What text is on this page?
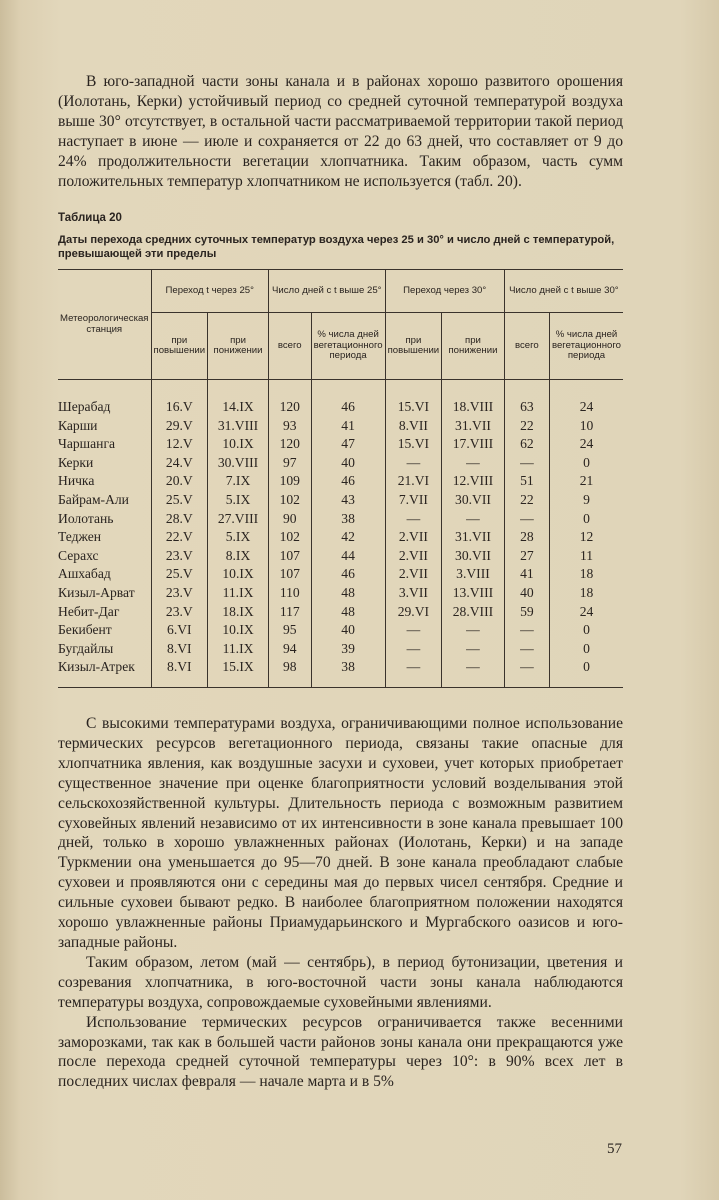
В юго-западной части зоны канала и в районах хорошо развитого орошения (Иолотань, Керки) устойчивый период со средней суточной температурой воздуха выше 30° отсутствует, в остальной части рассматриваемой территории такой период наступает в июне — июле и сохраняется от 22 до 63 дней, что составляет от 9 до 24% продолжительности вегетации хлопчатника. Таким образом, часть сумм положительных температур хлопчатником не используется (табл. 20).

Таблица 20
Даты перехода средних суточных температур воздуха через 25 и 30° и число дней с температурой, превышающей эти пределы
Метеорологическая станция	Переход t через 25°		Число дней с t выше 25°		Переход через 30°		Число дней с t выше 30°	
	при повышении	при понижении	всего	% числа дней вегетационного периода	при повышении	при понижении	всего	% числа дней вегетационного периода

Шерабад	16.V	14.IX	120	46	15.VI	18.VIII	63	24
Карши	29.V	31.VIII	93	41	8.VII	31.VII	22	10
Чаршанга	12.V	10.IX	120	47	15.VI	17.VIII	62	24
Керки	24.V	30.VIII	97	40	—	—	—	0
Ничка	20.V	7.IX	109	46	21.VI	12.VIII	51	21
Байрам-Али	25.V	5.IX	102	43	7.VII	30.VII	22	9
Иолотань	28.V	27.VIII	90	38	—	—	—	0
Теджен	22.V	5.IX	102	42	2.VII	31.VII	28	12
Серахс	23.V	8.IX	107	44	2.VII	30.VII	27	11
Ашхабад	25.V	10.IX	107	46	2.VII	3.VIII	41	18
Кизыл-Арват	23.V	11.IX	110	48	3.VII	13.VIII	40	18
Небит-Даг	23.V	18.IX	117	48	29.VI	28.VIII	59	24
Бекибент	6.VI	10.IX	95	40	—	—	—	0
Бугдайлы	8.VI	11.IX	94	39	—	—	—	0
Кизыл-Атрек	8.VI	15.IX	98	38	—	—	—	0
С высокими температурами воздуха, ограничивающими полное использование термических ресурсов вегетационного периода, связаны такие опасные для хлопчатника явления, как воздушные засухи и суховеи, учет которых приобретает существенное значение при оценке благоприятности условий возделывания этой сельскохозяйственной культуры. Длительность периода с возможным развитием суховейных явлений независимо от их интенсивности в зоне канала превышает 100 дней, только в хорошо увлажненных районах (Иолотань, Керки) и на западе Туркмении она уменьшается до 95—70 дней. В зоне канала преобладают слабые суховеи и проявляются они с середины мая до первых чисел сентября. Средние и сильные суховеи бывают редко. В наиболее благоприятном положении находятся хорошо увлажненные районы Приамударьинского и Мургабского оазисов и юго-западные районы.
Таким образом, летом (май — сентябрь), в период бутонизации, цветения и созревания хлопчатника, в юго-восточной части зоны канала наблюдаются температуры воздуха, сопровождаемые суховейными явлениями.
Использование термических ресурсов ограничивается также весенними заморозками, так как в большей части районов зоны канала они прекращаются уже после перехода средней суточной температуры через 10°: в 90% всех лет в последних числах февраля — начале марта и в 5%
57
